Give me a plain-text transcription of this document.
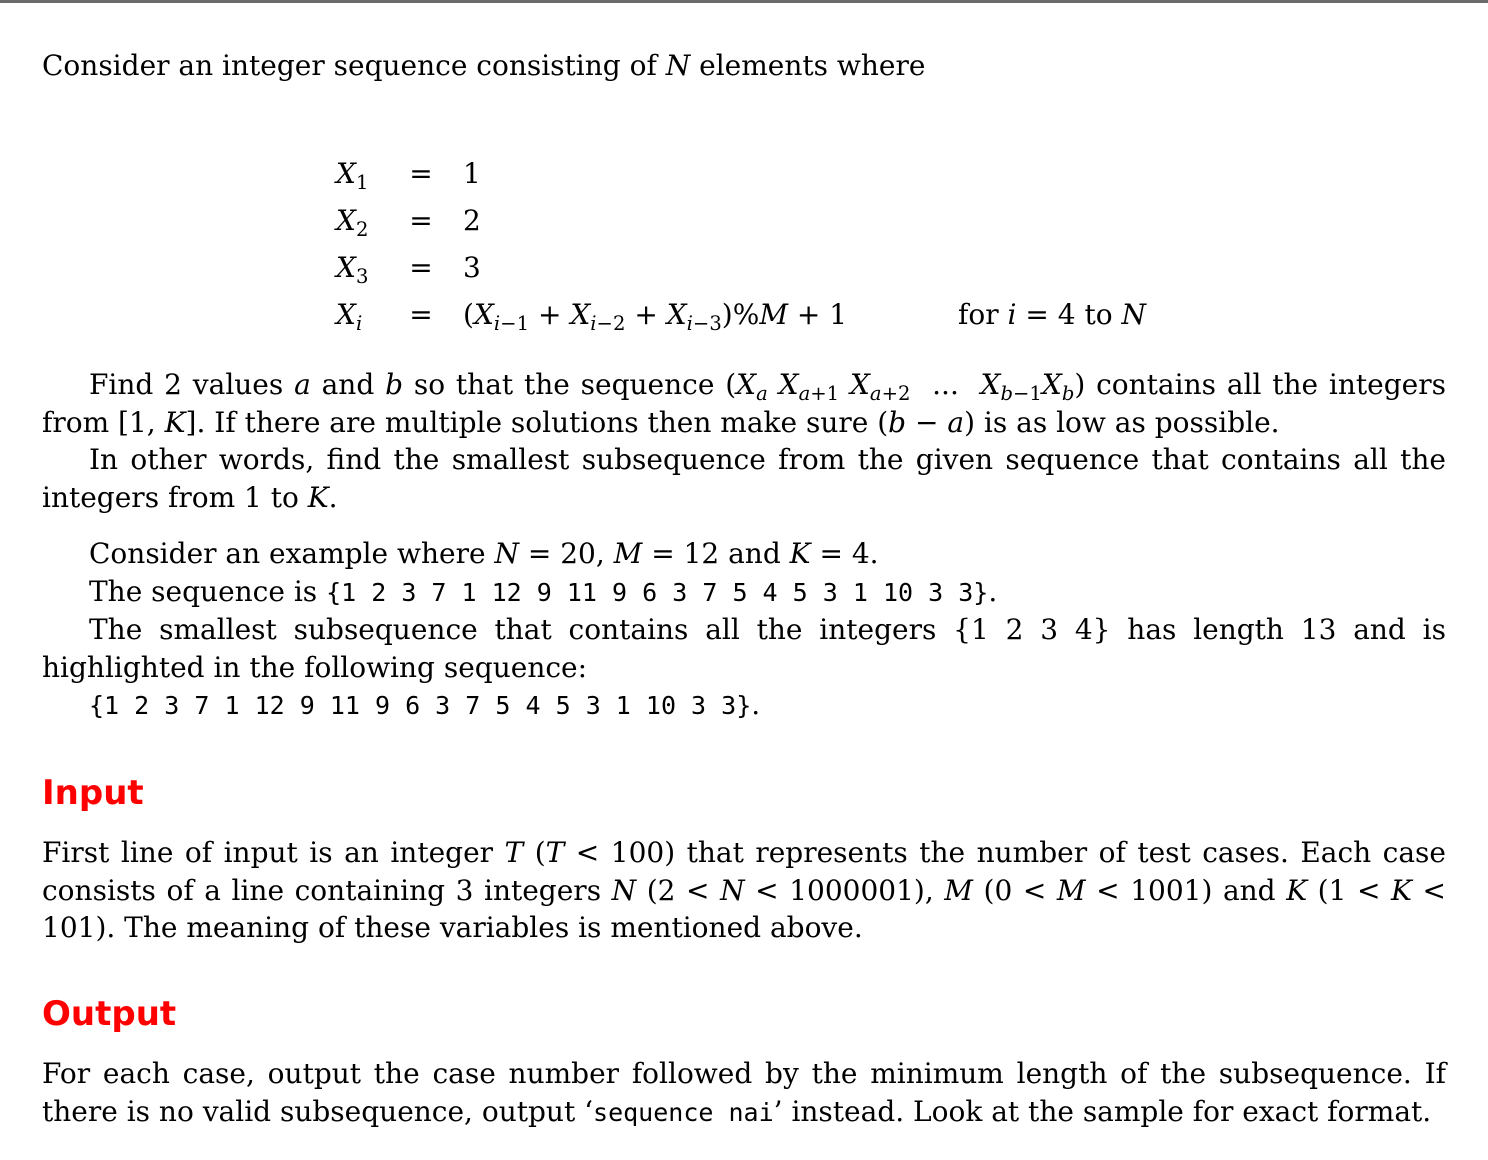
Consider an integer sequence consisting of N elements where
$X_1$	= 1
$X_2$	= 2
$X_3$	= 3
$X_i$	= $(X_{i-1} + X_{i-2} + X_{i-3})\%M + 1$	for i = 4 to N
Find 2 values a and b so that the sequence ($X_a$ $X_{a+1}$ $X_{a+2}$  ...  $X_{b-1}X_b$) contains all the integers from [1, K]. If there are multiple solutions then make sure (b − a) is as low as possible.
In other words, find the smallest subsequence from the given sequence that contains all the integers from 1 to K.
Consider an example where N = 20, M = 12 and K = 4.
The sequence is {1 2 3 7 1 12 9 11 9 6 3 7 5 4 5 3 1 10 3 3}.
The smallest subsequence that contains all the integers {1 2 3 4} has length 13 and is highlighted in the following sequence:
{1 2 3 7 1 12 9 11 9 6 3 7 5 4 5 3 1 10 3 3}.
Input
First line of input is an integer T (T < 100) that represents the number of test cases. Each case consists of a line containing 3 integers N (2 < N < 1000001), M (0 < M < 1001) and K (1 < K < 101). The meaning of these variables is mentioned above.
Output
For each case, output the case number followed by the minimum length of the subsequence. If there is no valid subsequence, output ‘sequence nai’ instead. Look at the sample for exact format.
